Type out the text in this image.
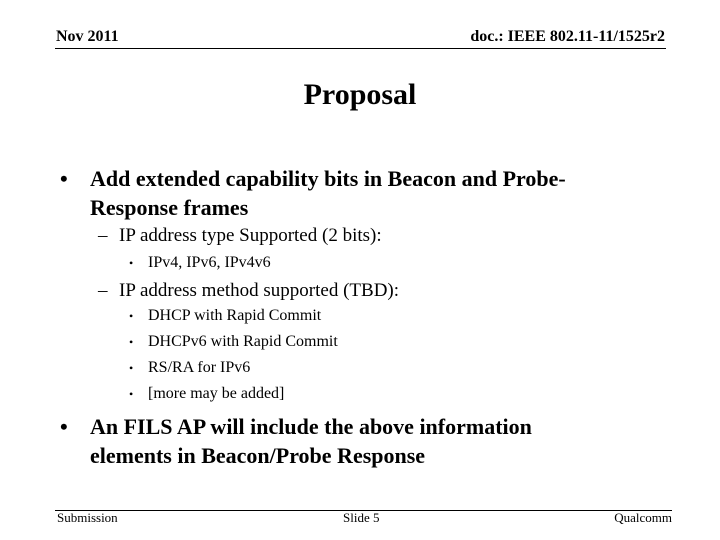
Nov 2011	doc.: IEEE 802.11-11/1525r2
Proposal
• Add extended capability bits in Beacon and Probe-
Response frames
– IP address type Supported (2 bits):
• IPv4, IPv6, IPv4v6
– IP address method supported (TBD):
• DHCP with Rapid Commit
• DHCPv6 with Rapid Commit
• RS/RA for IPv6
• [more may be added]
• An FILS AP will include the above information
elements in Beacon/Probe Response
Submission	Slide 5	Qualcomm
